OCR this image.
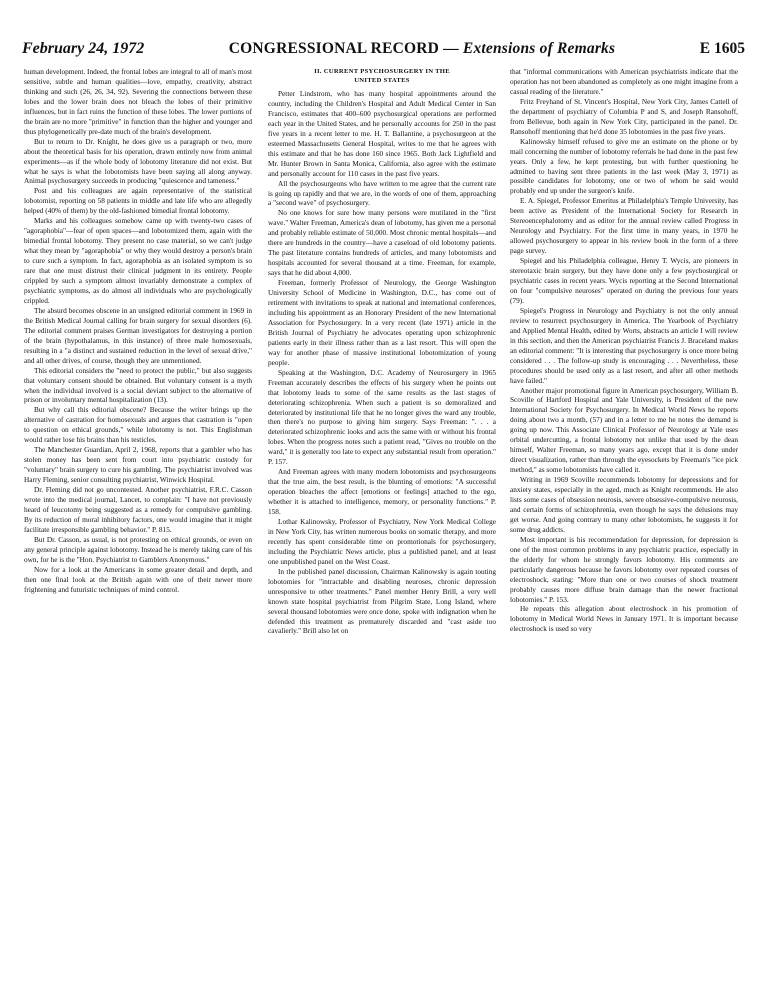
February 24, 1972	CONGRESSIONAL RECORD — Extensions of Remarks	E 1605

human development. Indeed, the frontal lobes are integral to all of man's most sensitive, subtle and human qualities—love, empathy, creativity, abstract thinking and such (26, 26, 34, 92). Severing the connections between these lobes and the lower brain does not bleach the lobes of their primitive influences, but in fact ruins the function of these lobes. The lower portions of the brain are no more "primitive" in function than the higher and younger and thus phylogenetically pre-date much of the brain's development.

But to return to Dr. Knight, he does give us a paragraph or two, more about the theoretical basis for his operation, drawn entirely now from animal experiments—as if the whole body of lobotomy literature did not exist. But what he says is what the lobotomists have been saying all along anyway. Animal psychosurgery succeeds in producing "quiescence and tameness."

Post and his colleagues are again representative of the statistical lobotomist, reporting on 58 patients in middle and late life who are allegedly helped (40% of them) by the old-fashioned bimedial frontal lobotomy.

Marks and his colleagues somehow came up with twenty-two cases of "agoraphobia"—fear of open spaces—and lobotomized them, again with the bimedial frontal lobotomy. They present no case material, so we can't judge what they mean by "agoraphobia" or why they would destroy a person's brain to cure such a symptom. In fact, agoraphobia as an isolated symptom is so rare that one must distrust their clinical judgment in its entirety. People crippled by such a symptom almost invariably demonstrate a complex of psychiatric symptoms, as do almost all individuals who are psychologically crippled.

The absurd becomes obscene in an unsigned editorial comment in 1969 in the British Medical Journal calling for brain surgery for sexual disorders (6). The editorial comment praises German investigators for destroying a portion of the brain (hypothalamus, in this instance) of three male homosexuals, resulting in a "a distinct and sustained reduction in the level of sexual drive," and all other drives, of course, though they are unmentioned.

This editorial considers the "need to protect the public," but also suggests that voluntary consent should be obtained. But voluntary consent is a myth when the individual involved is a social deviant subject to the alternative of prison or involuntary mental hospitalization (13).

But why call this editorial obscene? Because the writer brings up the alternative of castration for homosexuals and argues that castration is "open to question on ethical grounds," while lobotomy is not. This Englishman would rather lose his brains than his testicles.

The Manchester Guardian, April 2, 1968, reports that a gambler who has stolen money has been sent from court into psychiatric custody for "voluntary" brain surgery to cure his gambling. The psychiatrist involved was Harry Fleming, senior consulting psychiatrist, Winwick Hospital.

Dr. Fleming did not go uncontested. Another psychiatrist, F.R.C. Casson wrote into the medical journal, Lancet, to complain: "I have not previously heard of leucotomy being suggested as a remedy for compulsive gambling. By its reduction of moral inhibitory factors, one would imagine that it might facilitate irresponsible gambling behavior." P. 815.

But Dr. Casson, as usual, is not protesting on ethical grounds, or even on any general principle against lobotomy. Instead he is merely taking care of his own, for he is the "Hon. Psychiatrist to Gamblers Anonymous."

Now for a look at the Americans in some greater detail and depth, and then one final look at the British again with one of their newer more frightening and futuristic techniques of mind control.

II. CURRENT PSYCHOSURGERY IN THE
UNITED STATES

Petter Lindstrom, who has many hospital appointments around the country, including the Children's Hospital and Adult Medical Center in San Francisco, estimates that 400–600 psychosurgical operations are performed each year in the United States, and he personally accounts for 250 in the past five years in a recent letter to me. H. T. Ballantine, a psychosurgeon at the esteemed Massachusetts General Hospital, writes to me that he agrees with this estimate and that he has done 160 since 1965. Both Jack Lightfield and Mr. Hunter Brown in Santa Monica, California, also agree with the estimate and personally account for 110 cases in the past five years.

All the psychosurgeons who have written to me agree that the current rate is going up rapidly and that we are, in the words of one of them, approaching a "second wave" of psychosurgery.

No one knows for sure how many persons were mutilated in the "first wave." Walter Freeman, America's dean of lobotomy, has given me a personal and probably reliable estimate of 50,000. Most chronic mental hospitals—and there are hundreds in the country—have a caseload of old lobotomy patients. The past literature contains hundreds of articles, and many lobotomists and hospitals accounted for several thousand at a time. Freeman, for example, says that he did about 4,000.

Freeman, formerly Professor of Neurology, the George Washington University School of Medicine in Washington, D.C., has come out of retirement with invitations to speak at national and international conferences, including his appointment as an Honorary President of the new International Association for Psychosurgery. In a very recent (late 1971) article in the British Journal of Psychiatry he advocates operating upon schizophrenic patients early in their illness rather than as a last resort. This will open the way for another phase of massive institutional lobotomization of young people.

Speaking at the Washington, D.C. Academy of Neurosurgery in 1965 Freeman accurately describes the effects of his surgery when he points out that lobotomy leads to some of the same results as the last stages of deteriorating schizophrenia. When such a patient is so demoralized and deteriorated by institutional life that he no longer gives the ward any trouble, then there's no purpose to giving him surgery. Says Freeman: ". . . a deteriorated schizophrenic looks and acts the same with or without his frontal lobes. When the progress notes such a patient read, "Gives no trouble on the ward," it is generally too late to expect any substantial result from operation." P. 157.

And Freeman agrees with many modern lobotomists and psychosurgeons that the true aim, the best result, is the blunting of emotions: "A successful operation bleaches the affect [emotions or feelings] attached to the ego, whether it is attached to intelligence, memory, or personality functions." P. 158.

Lothar Kalinowsky, Professor of Psychiatry, New York Medical College in New York City, has written numerous books on somatic therapy, and more recently has spent considerable time on promotionals for psychosurgery, including the Psychiatric News article, plus a published panel, and at least one unpublished panel on the West Coast.

In the published panel discussion, Chairman Kalinowsky is again touting lobotomies for "intractable and disabling neuroses, chronic depression unresponsive to other treatments." Panel member Henry Brill, a very well known state hospital psychiatrist from Pilgrim State, Long Island, where several thousand lobotomies were once done, spoke with indignation when he defended this treatment as prematurely discarded and "cast aside too cavalierly." Brill also let on

that "informal communications with American psychiatrists indicate that the operation has not been abandoned as completely as one might imagine from a casual reading of the literature."

Fritz Freyhand of St. Vincent's Hospital, New York City, James Cattell of the department of psychiatry of Columbia P and S, and Joseph Ransohoff, from Bellevue, both again in New York City, participated in the panel. Dr. Ransohoff mentioning that he'd done 35 lobotomies in the past five years.

Kalinowsky himself refused to give me an estimate on the phone or by mail concerning the number of lobotomy referrals he had done in the past few years. Only a few, he kept protesting, but with further questioning he admitted to having sent three patients in the last week (May 3, 1971) as possible candidates for lobotomy, one or two of whom he said would probably end up under the surgeon's knife.

E. A. Spiegel, Professor Emeritus at Philadelphia's Temple University, has been active as President of the International Society for Research in Stereoencephalotomy and as editor for the annual review called Progress in Neurology and Psychiatry. For the first time in many years, in 1970 he allowed psychosurgery to appear in his review book in the form of a three page survey.

Spiegel and his Philadelphia colleague, Henry T. Wycis, are pioneers in stereotaxic brain surgery, but they have done only a few psychosurgical or psychiatric cases in recent years. Wycis reporting at the Second International on four "compulsive neuroses" operated on during the previous four years (79).

Spiegel's Progress in Neurology and Psychiatry is not the only annual review to resurrect psychosurgery in America. The Yearbook of Psychiatry and Applied Mental Health, edited by Worts, abstracts an article I will review in this section, and then the American psychiatrist Francis J. Braceland makes an editorial comment: "It is interesting that psychosurgery is once more being considered . . . The follow-up study is encouraging . . . Nevertheless, these procedures should be used only as a last resort, and after all other methods have failed."

Another major promotional figure in American psychosurgery, William B. Scoville of Hartford Hospital and Yale University, is President of the new International Society for Psychosurgery. In Medical World News he reports doing about two a month, (57) and in a letter to me he notes the demand is going up now. This Associate Clinical Professor of Neurology at Yale uses orbital undercutting, a frontal lobotomy not unlike that used by the dean himself, Walter Freeman, so many years ago, except that it is done under direct visualization, rather than through the eyesockets by Freeman's "ice pick method," as some lobotomists have called it.

Writing in 1969 Scoville recommends lobotomy for depressions and for anxiety states, especially in the aged, much as Knight recommends. He also lists some cases of obsession neurosis, severe obsessive-compulsive neurosis, and certain forms of schizophrenia, even though he says the delusions may get worse. And going contrary to many other lobotomists, he suggests it for some drug addicts.

Most important is his recommendation for depression, for depression is one of the most common problems in any psychiatric practice, especially in the elderly for whom he strongly favors lobotomy. His comments are particularly dangerous because he favors lobotomy over repeated courses of electroshock, stating: "More than one or two courses of shock treatment probably causes more diffuse brain damage than the newer fractional lobotomies." P. 153.

He repeats this allegation about electroshock in his promotion of lobotomy in Medical World News in January 1971. It is important because electroshock is used so very
